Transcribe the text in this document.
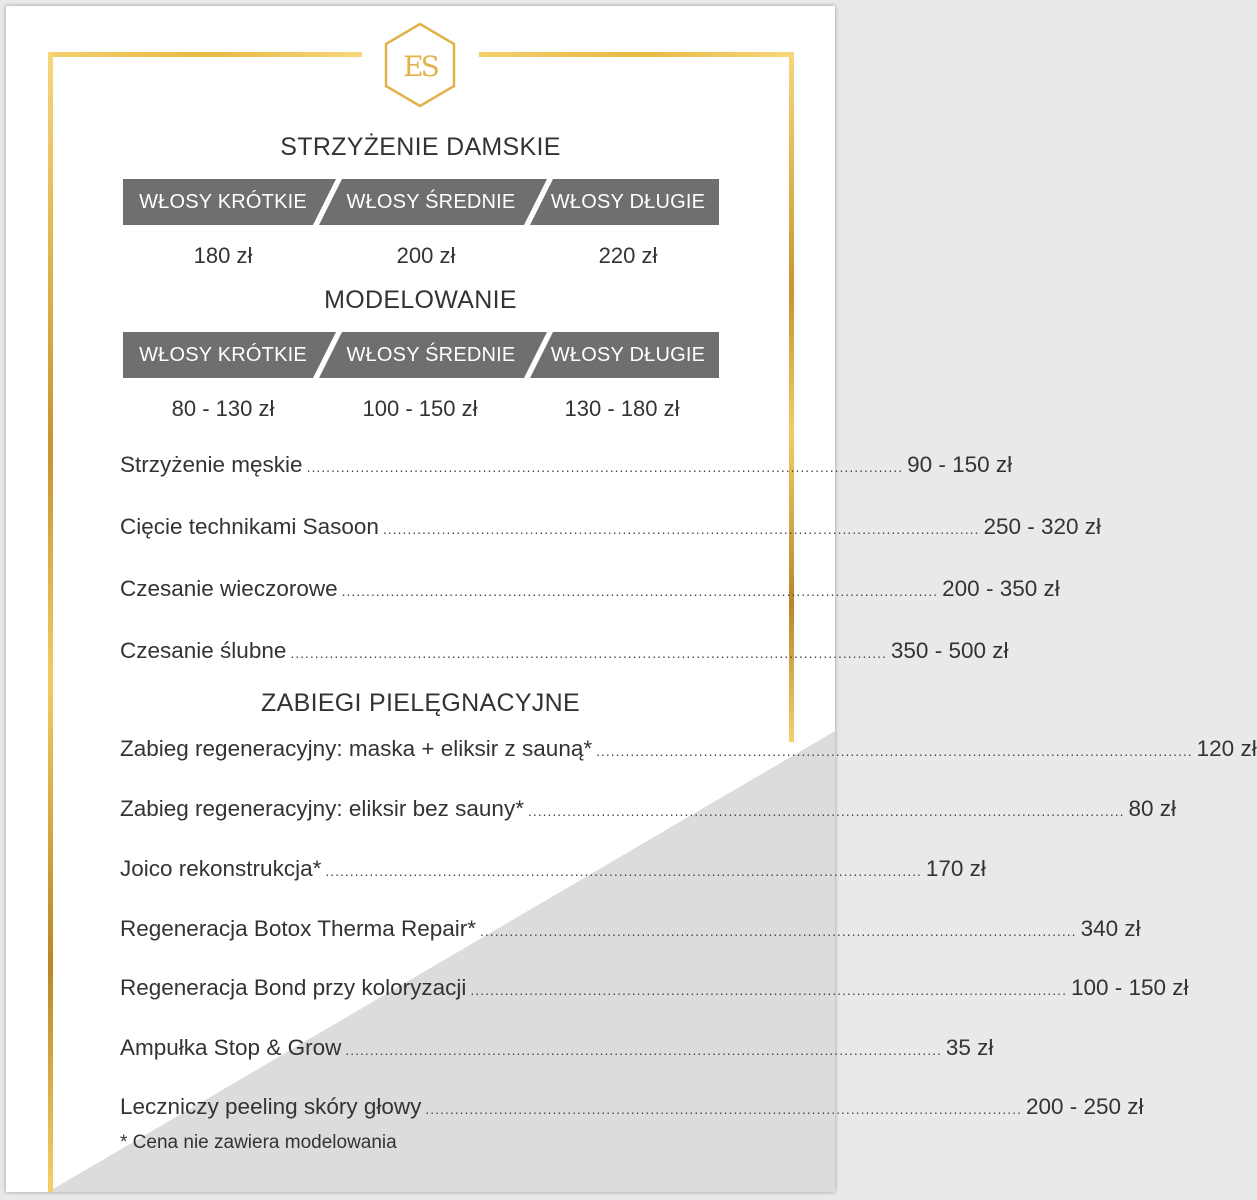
ES
STRZYŻENIE DAMSKIE
WŁOSY KRÓTKIE	WŁOSY ŚREDNIE	WŁOSY DŁUGIE
180 zł	200 zł	220 zł
MODELOWANIE
WŁOSY KRÓTKIE	WŁOSY ŚREDNIE	WŁOSY DŁUGIE
80 - 130 zł	100 - 150 zł	130 - 180 zł
Strzyżenie męskie .......................................................................................................................... 90 - 150 zł
Cięcie technikami Sasoon .......................................................................................................................... 250 - 320 zł
Czesanie wieczorowe .......................................................................................................................... 200 - 350 zł
Czesanie ślubne .......................................................................................................................... 350 - 500 zł
ZABIEGI PIELĘGNACYJNE
Zabieg regeneracyjny: maska + eliksir z sauną* .......................................................................................................................... 120 zł
Zabieg regeneracyjny: eliksir bez sauny* .......................................................................................................................... 80 zł
Joico rekonstrukcja* .......................................................................................................................... 170 zł
Regeneracja Botox Therma Repair* .......................................................................................................................... 340 zł
Regeneracja Bond przy koloryzacji .......................................................................................................................... 100 - 150 zł
Ampułka Stop & Grow .......................................................................................................................... 35 zł
Leczniczy peeling skóry głowy .......................................................................................................................... 200 - 250 zł
* Cena nie zawiera modelowania
